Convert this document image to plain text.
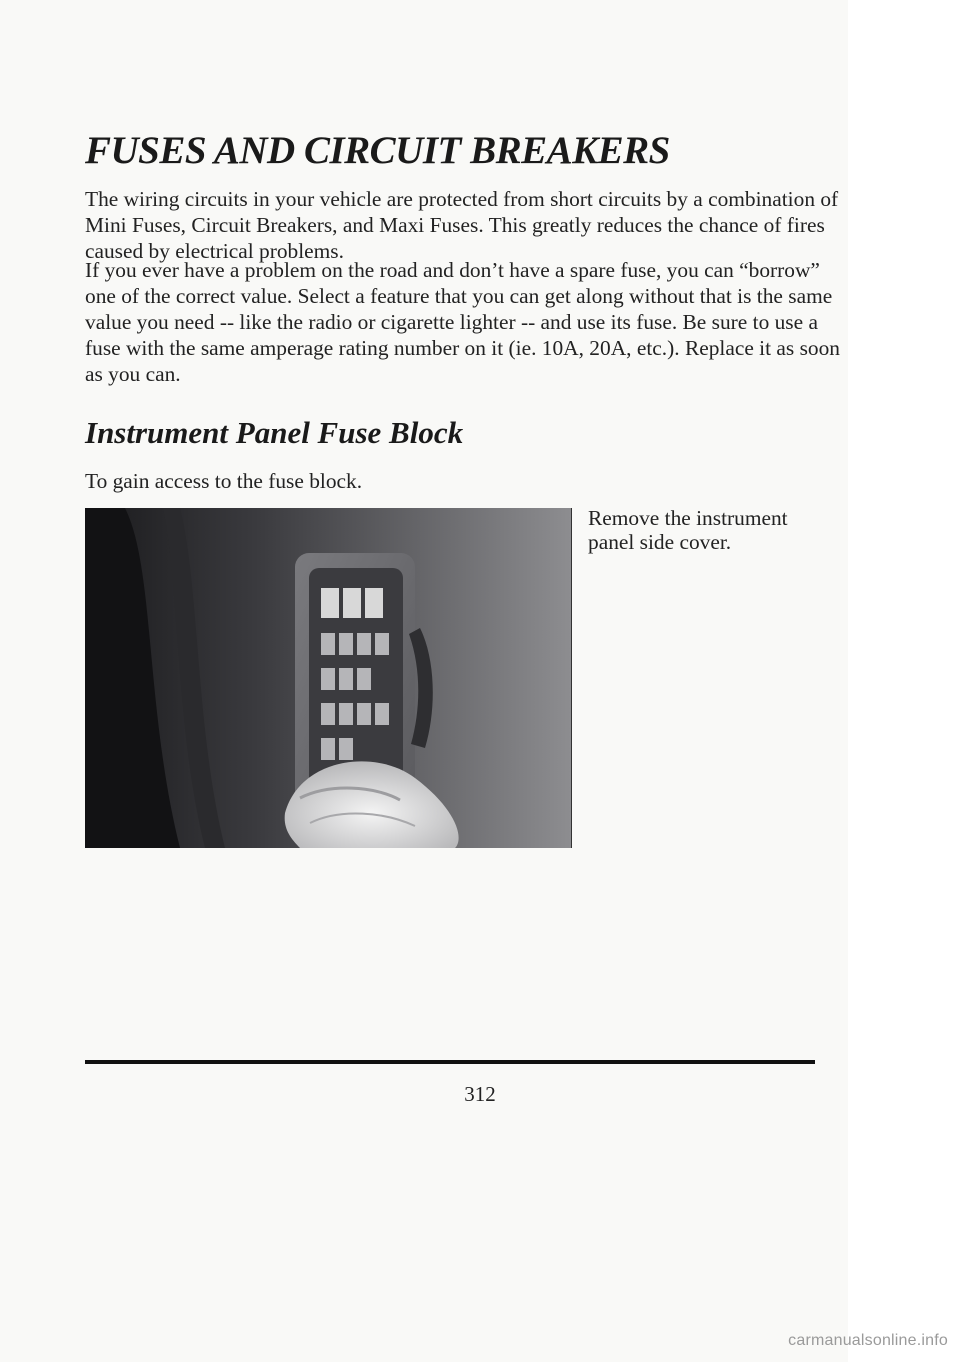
FUSES AND CIRCUIT BREAKERS

The wiring circuits in your vehicle are protected from short circuits by a combination of Mini Fuses, Circuit Breakers, and Maxi Fuses. This greatly reduces the chance of fires caused by electrical problems.

If you ever have a problem on the road and don’t have a spare fuse, you can “borrow” one of the correct value. Select a feature that you can get along without that is the same value you need -- like the radio or cigarette lighter -- and use its fuse. Be sure to use a fuse with the same amperage rating number on it (ie. 10A, 20A, etc.). Replace it as soon as you can.

Instrument Panel Fuse Block

To gain access to the fuse block.

Remove the instrument panel side cover.

312
carmanualsonline.info
